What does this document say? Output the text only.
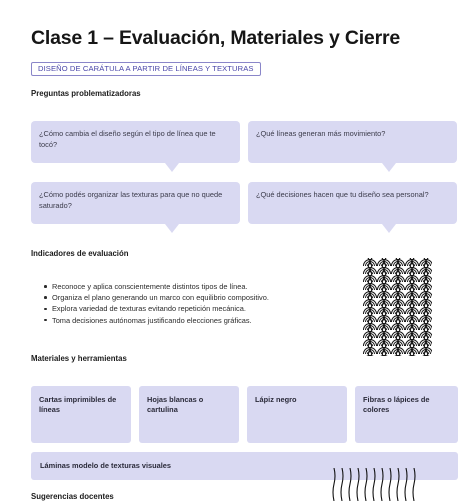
Clase 1 – Evaluación, Materiales y Cierre
DISEÑO DE CARÁTULA A PARTIR DE LÍNEAS Y TEXTURAS
Preguntas problematizadoras
¿Cómo cambia el diseño según el tipo de línea que te tocó?
¿Qué líneas generan más movimiento?
¿Cómo podés organizar las texturas para que no quede saturado?
¿Qué decisiones hacen que tu diseño sea personal?
Indicadores de evaluación
Reconoce y aplica conscientemente distintos tipos de línea.
Organiza el plano generando un marco con equilibrio compositivo.
Explora variedad de texturas evitando repetición mecánica.
Toma decisiones autónomas justificando elecciones gráficas.
Materiales y herramientas
Cartas imprimibles de líneas
Hojas blancas o cartulina
Lápiz negro	Fibras o lápices de colores
Láminas modelo de texturas visuales
Sugerencias docentes
